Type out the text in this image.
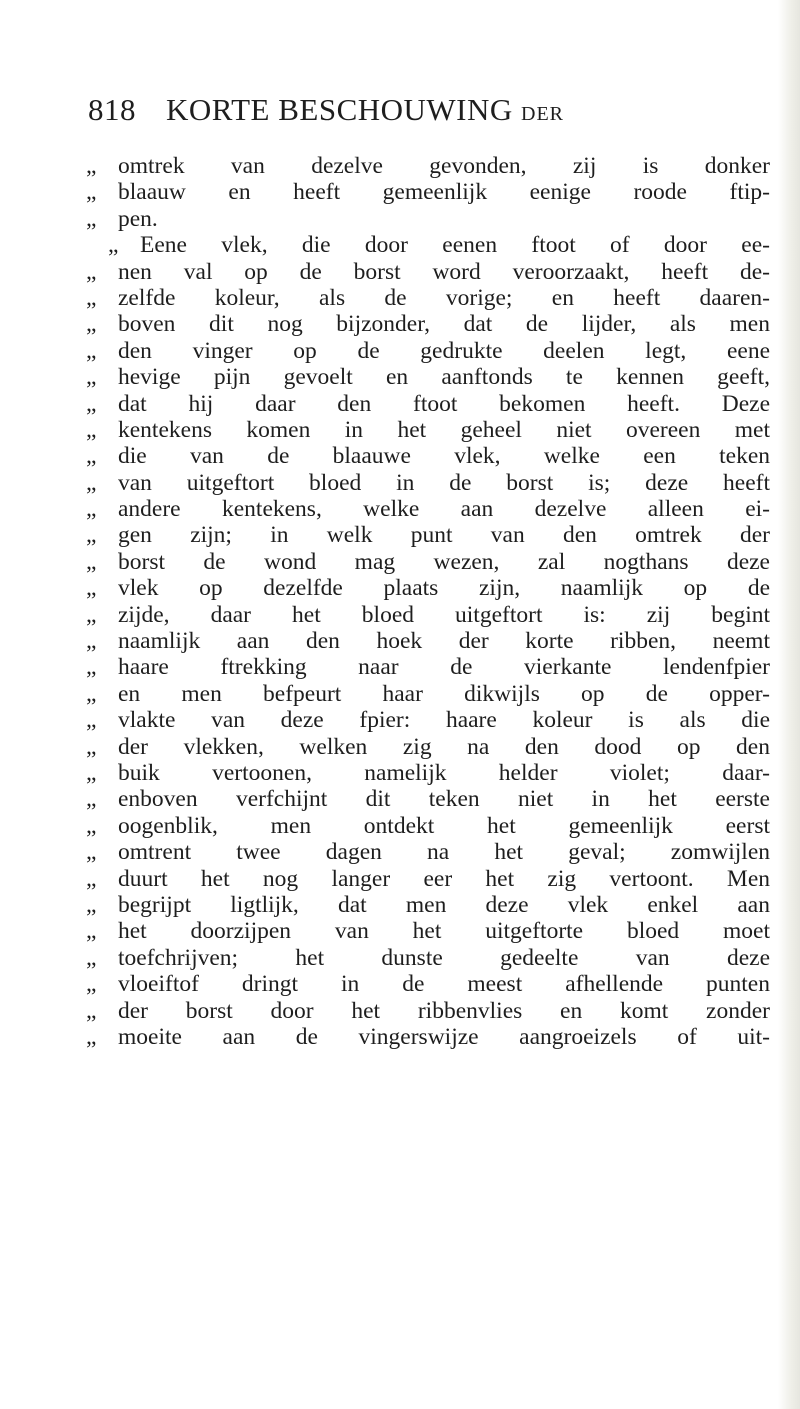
818 KORTE BESCHOUWING DER
„ omtrek van dezelve gevonden, zij is donker
„ blaauw en heeft gemeenlijk eenige roode ftip-
„ pen.
„ Eene vlek, die door eenen ftoot of door ee-
„ nen val op de borst word veroorzaakt, heeft de-
„ zelfde koleur, als de vorige; en heeft daaren-
„ boven dit nog bijzonder, dat de lijder, als men
„ den vinger op de gedrukte deelen legt, eene
„ hevige pijn gevoelt en aanftonds te kennen geeft,
„ dat hij daar den ftoot bekomen heeft. Deze
„ kentekens komen in het geheel niet overeen met
„ die van de blaauwe vlek, welke een teken
„ van uitgeftort bloed in de borst is; deze heeft
„ andere kentekens, welke aan dezelve alleen ei-
„ gen zijn; in welk punt van den omtrek der
„ borst de wond mag wezen, zal nogthans deze
„ vlek op dezelfde plaats zijn, naamlijk op de
„ zijde, daar het bloed uitgeftort is: zij begint
„ naamlijk aan den hoek der korte ribben, neemt
„ haare ftrekking naar de vierkante lendenfpier
„ en men befpeurt haar dikwijls op de opper-
„ vlakte van deze fpier: haare koleur is als die
„ der vlekken, welken zig na den dood op den
„ buik vertoonen, namelijk helder violet; daar-
„ enboven verfchijnt dit teken niet in het eerste
„ oogenblik, men ontdekt het gemeenlijk eerst
„ omtrent twee dagen na het geval; zomwijlen
„ duurt het nog langer eer het zig vertoont. Men
„ begrijpt ligtlijk, dat men deze vlek enkel aan
„ het doorzijpen van het uitgeftorte bloed moet
„ toefchrijven; het dunste gedeelte van deze
„ vloeiftof dringt in de meest afhellende punten
„ der borst door het ribbenvlies en komt zonder
„ moeite aan de vingerswijze aangroeizels of uit-
